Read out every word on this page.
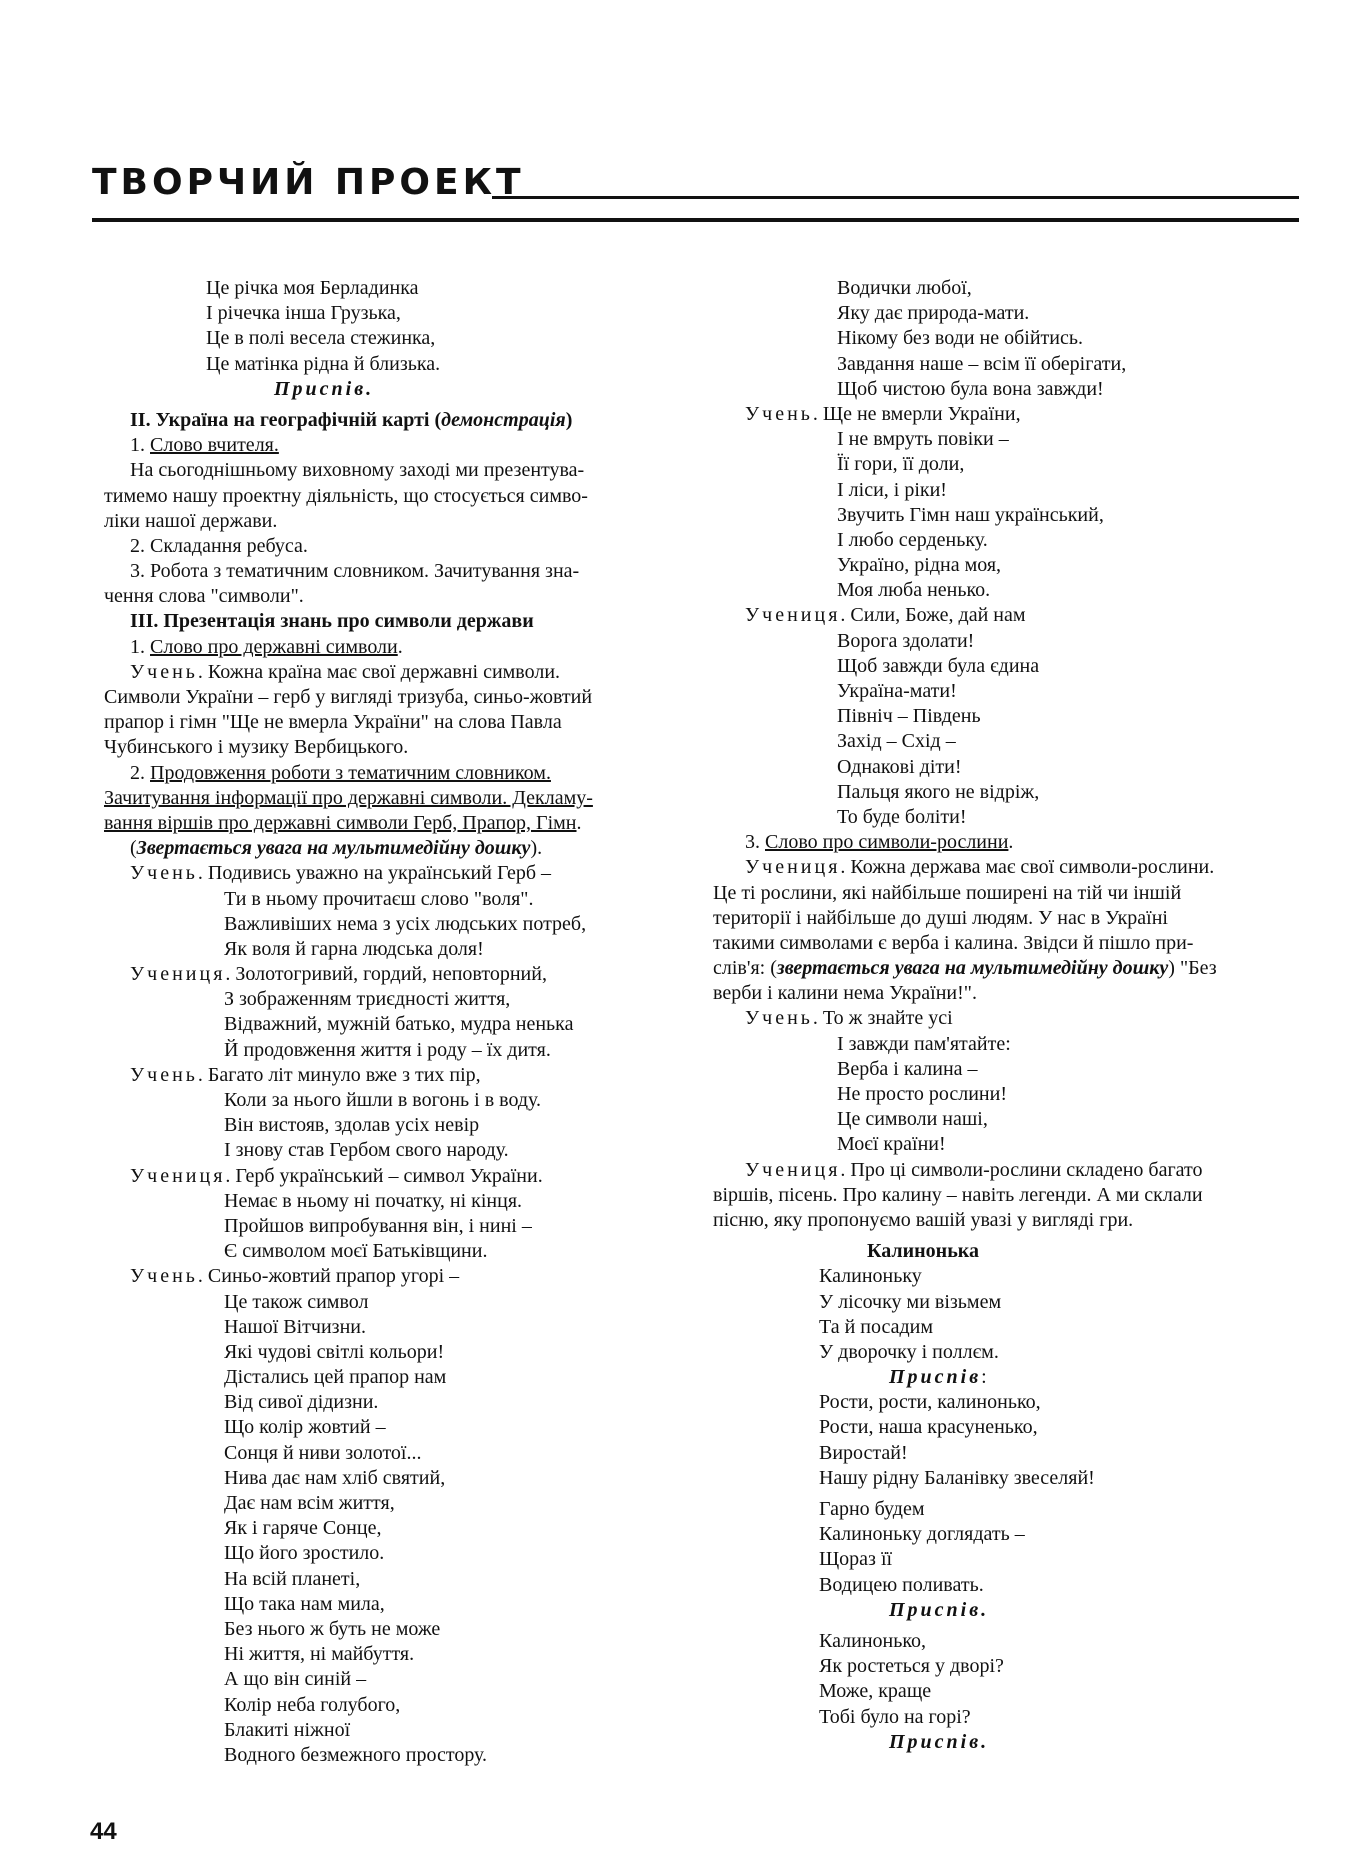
ТВОРЧИЙ ПРОЕКТ
Це річка моя Берладинка
І річечка інша Грузька,
Це в полі весела стежинка,
Це матінка рідна й близька.
Приспів.
ІІ. Україна на географічній карті (демонстрація)
1. Слово вчителя.
На сьогоднішньому виховному заході ми презентува-
тимемо нашу проектну діяльність, що стосується симво-
ліки нашої держави.
2. Складання ребуса.
3. Робота з тематичним словником. Зачитування зна-
чення слова "символи".
ІІІ. Презентація знань про символи держави
1. Слово про державні символи.
Учень. Кожна країна має свої державні символи.
Символи України – герб у вигляді тризуба, синьо-жовтий
прапор і гімн "Ще не вмерла України" на слова Павла
Чубинського і музику Вербицького.
2. Продовження роботи з тематичним словником.
Зачитування інформації про державні символи. Декламу-
вання віршів про державні символи Герб, Прапор, Гімн.
(Звертається увага на мультимедійну дошку).
Учень. Подивись уважно на український Герб –
Ти в ньому прочитаєш слово "воля".
Важливіших нема з усіх людських потреб,
Як воля й гарна людська доля!
Учениця. Золотогривий, гордий, неповторний,
З зображенням триєдності життя,
Відважний, мужній батько, мудра ненька
Й продовження життя і роду – їх дитя.
Учень. Багато літ минуло вже з тих пір,
Коли за нього йшли в вогонь і в воду.
Він вистояв, здолав усіх невір
І знову став Гербом свого народу.
Учениця. Герб український – символ України.
Немає в ньому ні початку, ні кінця.
Пройшов випробування він, і нині –
Є символом моєї Батьківщини.
Учень. Синьо-жовтий прапор угорі –
Це також символ
Нашої Вітчизни.
Які чудові світлі кольори!
Дістались цей прапор нам
Від сивої дідизни.
Що колір жовтий –
Сонця й ниви золотої...
Нива дає нам хліб святий,
Дає нам всім життя,
Як і гаряче Сонце,
Що його зростило.
На всій планеті,
Що така нам мила,
Без нього ж буть не може
Ні життя, ні майбуття.
А що він синій –
Колір неба голубого,
Блакиті ніжної
Водного безмежного простору.
Водички любої,
Яку дає природа-мати.
Нікому без води не обійтись.
Завдання наше – всім її оберігати,
Щоб чистою була вона завжди!
Учень. Ще не вмерли України,
І не вмруть повіки –
Її гори, її доли,
І ліси, і ріки!
Звучить Гімн наш український,
І любо серденьку.
Україно, рідна моя,
Моя люба ненько.
Учениця. Сили, Боже, дай нам
Ворога здолати!
Щоб завжди була єдина
Україна-мати!
Північ – Південь
Захід – Схід –
Однакові діти!
Пальця якого не відріж,
То буде боліти!
3. Слово про символи-рослини.
Учениця. Кожна держава має свої символи-рослини.
Це ті рослини, які найбільше поширені на тій чи іншій
території і найбільше до душі людям. У нас в Україні
такими символами є верба і калина. Звідси й пішло при-
слів'я: (звертається увага на мультимедійну дошку) "Без
верби і калини нема України!".
Учень. То ж знайте усі
І завжди пам'ятайте:
Верба і калина –
Не просто рослини!
Це символи наші,
Моєї країни!
Учениця. Про ці символи-рослини складено багато
віршів, пісень. Про калину – навіть легенди. А ми склали
пісню, яку пропонуємо вашій увазі у вигляді гри.
Калинонька
Калиноньку
У лісочку ми візьмем
Та й посадим
У дворочку і поллєм.
Приспів:
Рости, рости, калинонько,
Рости, наша красуненько,
Виростай!
Нашу рідну Баланівку звеселяй!
Гарно будем
Калиноньку доглядать –
Щораз її
Водицею поливать.
Приспів.
Калинонько,
Як ростеться у дворі?
Може, краще
Тобі було на горі?
Приспів.
44
